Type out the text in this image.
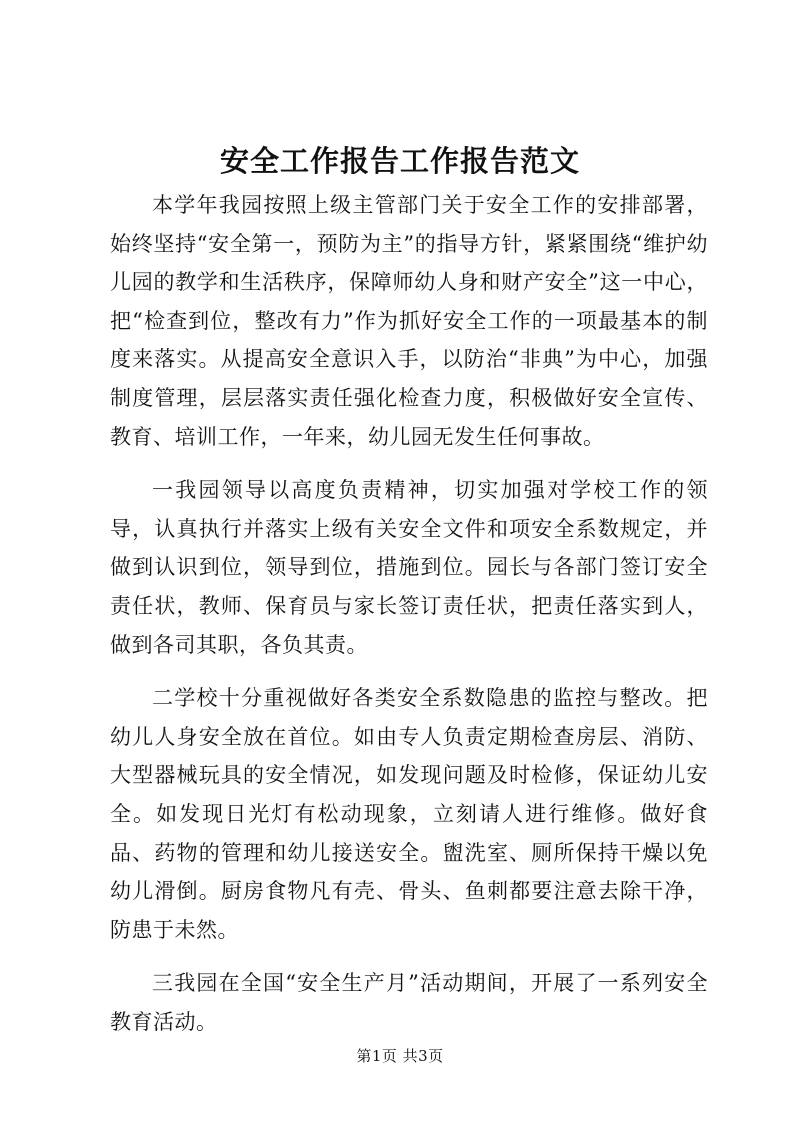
安全工作报告工作报告范文

本学年我园按照上级主管部门关于安全工作的安排部署，始终坚持“安全第一，预防为主”的指导方针，紧紧围绕“维护幼儿园的教学和生活秩序，保障师幼人身和财产安全”这一中心，把“检查到位，整改有力”作为抓好安全工作的一项最基本的制度来落实。从提高安全意识入手，以防治“非典”为中心，加强制度管理，层层落实责任强化检查力度，积极做好安全宣传、教育、培训工作，一年来，幼儿园无发生任何事故。

一我园领导以高度负责精神，切实加强对学校工作的领导，认真执行并落实上级有关安全文件和项安全系数规定，并做到认识到位，领导到位，措施到位。园长与各部门签订安全责任状，教师、保育员与家长签订责任状，把责任落实到人，做到各司其职，各负其责。

二学校十分重视做好各类安全系数隐患的监控与整改。把幼儿人身安全放在首位。如由专人负责定期检查房层、消防、大型器械玩具的安全情况，如发现问题及时检修，保证幼儿安全。如发现日光灯有松动现象，立刻请人进行维修。做好食品、药物的管理和幼儿接送安全。盥洗室、厕所保持干燥以免幼儿滑倒。厨房食物凡有壳、骨头、鱼刺都要注意去除干净，防患于未然。

三我园在全国“安全生产月”活动期间，开展了一系列安全教育活动。

第1页 共3页
